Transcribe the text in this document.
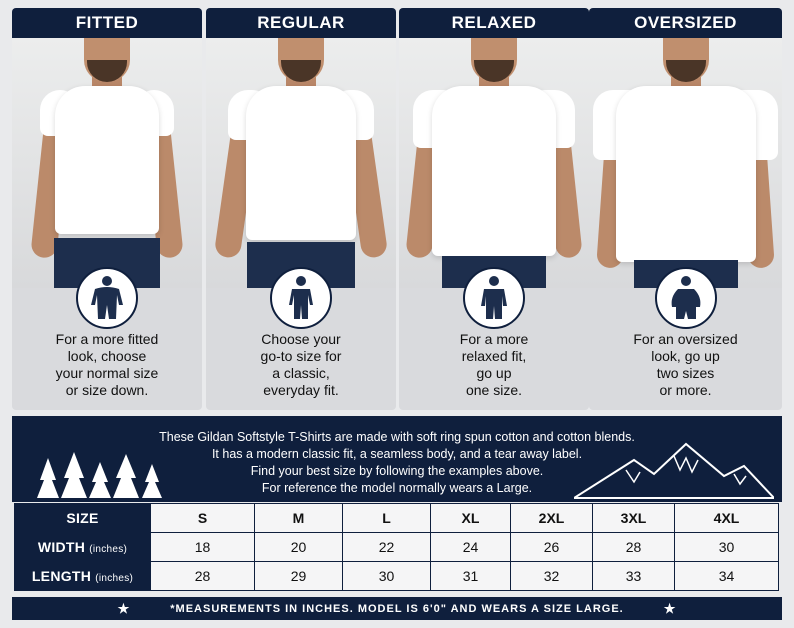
FITTED
For a more fitted
look, choose
your normal size
or size down.
REGULAR
Choose your
go-to size for
a classic,
everyday fit.
RELAXED
For a more
relaxed fit,
go up
one size.
OVERSIZED
For an oversized
look, go up
two sizes
or more.
These Gildan Softstyle T-Shirts are made with soft ring spun cotton and cotton blends.
It has a modern classic fit, a seamless body, and a tear away label.
Find your best size by following the examples above.
For reference the model normally wears a Large.
SIZE	S	M	L	XL	2XL	3XL	4XL
WIDTH (inches)	18	20	22	24	26	28	30
LENGTH (inches)	28	29	30	31	32	33	34
★	*MEASUREMENTS IN INCHES. MODEL IS 6'0" AND WEARS A SIZE LARGE.	★
